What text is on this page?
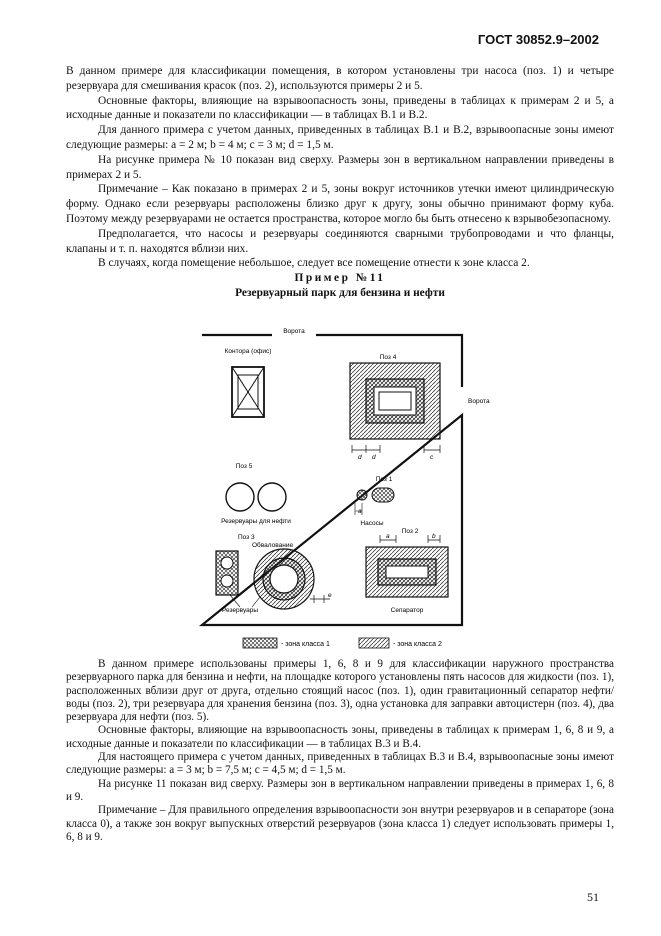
ГОСТ 30852.9–2002

В данном примере для классификации помещения, в котором установлены три насоса (поз. 1) и четыре резервуара для смешивания красок (поз. 2), используются примеры 2 и 5.

Основные факторы, влияющие на взрывоопасность зоны, приведены в таблицах к примерам 2 и 5, а исходные данные и показатели по классификации — в таблицах В.1 и В.2.

Для данного примера с учетом данных, приведенных в таблицах В.1 и В.2, взрывоопасные зоны имеют следующие размеры: a = 2 м; b = 4 м; c = 3 м; d = 1,5 м.

На рисунке примера № 10 показан вид сверху. Размеры зон в вертикальном направлении приведены в примерах 2 и 5.

Примечание – Как показано в примерах 2 и 5, зоны вокруг источников утечки имеют цилиндрическую форму. Однако если резервуары расположены близко друг к другу, зоны обычно принимают форму куба. Поэтому между резервуарами не остается пространства, которое могло бы быть отнесено к взрывобезопасному.

Предполагается, что насосы и резервуары соединяются сварными трубопроводами и что фланцы, клапаны и т. п. находятся вблизи них.

В случаях, когда помещение небольшое, следует все помещение отнести к зоне класса 2.

Пример №11

Резервуарный парк для бензина и нефти

Ворота
Ворота
Контора (офис)
Поз 4
d d	c
Поз 5
Резервуары для нефти
Поз 1
a
Насосы
Поз 3
Обвалование
e
Резервуары
Поз 2
a	b
Сепаратор
- зона класса 1	- зона класса 2

В данном примере использованы примеры 1, 6, 8 и 9 для классификации наружного пространства резервуарного парка для бензина и нефти, на площадке которого установлены пять насосов для жидкости (поз. 1), расположенных вблизи друг от друга, отдельно стоящий насос (поз. 1), один гравитационный сепаратор нефти/воды (поз. 2), три резервуара для хранения бензина (поз. 3), одна установка для заправки автоцистерн (поз. 4), два резервуара для нефти (поз. 5).

Основные факторы, влияющие на взрывоопасность зоны, приведены в таблицах к примерам 1, 6, 8 и 9, а исходные данные и показатели по классификации — в таблицах В.3 и В.4.

Для настоящего примера с учетом данных, приведенных в таблицах В.3 и В.4, взрывоопасные зоны имеют следующие размеры: a = 3 м; b = 7,5 м; c = 4,5 м; d = 1,5 м.

На рисунке 11 показан вид сверху. Размеры зон в вертикальном направлении приведены в примерах 1, 6, 8 и 9.

Примечание – Для правильного определения взрывоопасности зон внутри резервуаров и в сепараторе (зона класса 0), а также зон вокруг выпускных отверстий резервуаров (зона класса 1) следует использовать примеры 1, 6, 8 и 9.

51
